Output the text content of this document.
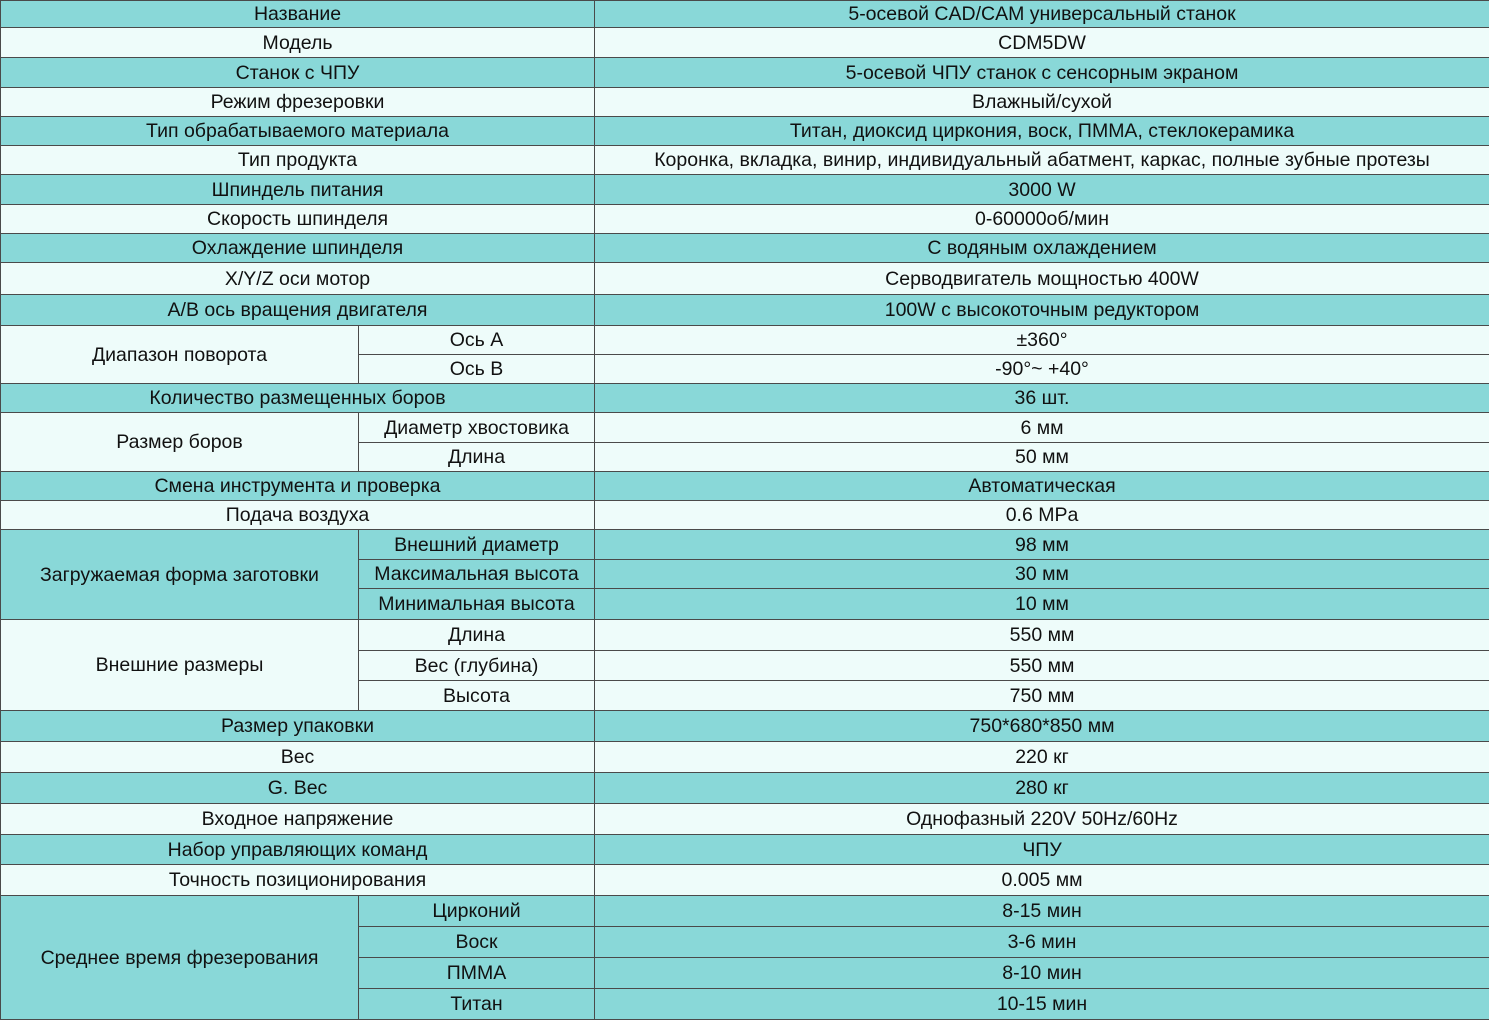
Название		5-осевой CAD/CAM универсальный станок
Модель		CDM5DW
Станок с ЧПУ		5-осевой ЧПУ станок с сенсорным экраном
Режим фрезеровки		Влажный/сухой
Тип обрабатываемого материала		Титан, диоксид циркония, воск, ПММА, стеклокерамика
Тип продукта		Коронка, вкладка, винир, индивидуальный абатмент, каркас, полные зубные протезы
Шпиндель питания		3000 W
Скорость шпинделя		0-60000об/мин
Охлаждение шпинделя		С водяным охлаждением
X/Y/Z оси мотор		Серводвигатель мощностью 400W
A/B ось вращения двигателя		100W с высокоточным редуктором
Диапазон поворота	Ось А	±360°
	Ось В	-90°~ +40°
Количество размещенных боров		36 шт.
Размер боров	Диаметр хвостовика	6 мм
	Длина	50 мм
Смена инструмента и проверка		Автоматическая
Подача воздуха		0.6 MPa
Загружаемая форма заготовки	Внешний диаметр	98 мм
	Максимальная высота	30 мм
	Минимальная высота	10 мм
Внешние размеры	Длина	550 мм
	Вес (глубина)	550 мм
	Высота	750 мм
Размер упаковки		750*680*850 мм
Вес		220 кг
G. Вес		280 кг
Входное напряжение		Однофазный 220V 50Hz/60Hz
Набор управляющих команд		ЧПУ
Точность позиционирования		0.005 мм
Среднее время фрезерования	Цирконий	8-15 мин
	Воск	3-6 мин
	ПММА	8-10 мин
	Титан	10-15 мин
